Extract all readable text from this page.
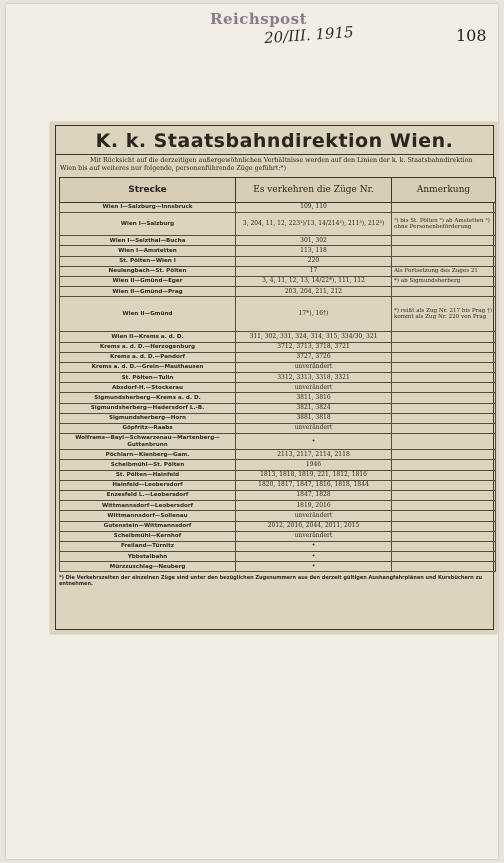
Reichspost
20/III. 1915	108
K. k. Staatsbahndirektion Wien.
Mit Rücksicht auf die derzeitigen außergewöhnlichen Verhältnisse werden auf den Linien der k. k. Staatsbahndirektion Wien bis auf weiteres nur folgende, personenführende Züge geführt:*)
Strecke	Es verkehren die Züge Nr.	Anmerkung
Wien I—Salzburg—Innsbruck	109, 110	
Wien I—Salzburg	3, 204, 11, 12, 223¹)/13, 14/214²), 211³), 212³)	¹) bis St. Pölten ²) ab Amstetten ³) ohne Personenbeförderung
Wien I—Selzthal—Bucha	301, 302	
Wien I—Amstetten	113, 118	
St. Pölten—Wien I	220	
Neulengbach—St. Pölten	17	Als Fortsetzung des Zuges 21
Wien II—Gmünd—Eger	3, 4, 11, 12, 13, 14/22*), 111, 112	*) ab Sigmundsherberg
Wien II—Gmünd—Prag	203, 204, 211, 212	
Wien II—Gmünd	17*), 16†)	*) reißt als Zug Nr. 217 bis Prag †) kommt als Zug Nr. 220 von Prag
Wien II—Krems a. d. D.	311, 302, 331, 324, 314, 315, 334/30, 321	
Krems a. d. D.—Herzogenburg	3712, 3713, 3718, 3721	
Krems a. d. D.—Pandorf	3727, 3726	
Krems a. d. D.—Grein—Mauthausen	unverändert	
St. Pölten—Tulln	3312, 3313, 3318, 3321	
Absdorf-H.—Stockerau	unverändert	
Sigmundsherberg—Krems a. d. D.	3811, 3816	
Sigmundsherberg—Hadersdorf L.-B.	3821, 3824	
Sigmundsherberg—Horn	3881, 3818	
Göpfritz—Raabs	unverändert	
Wolframs—Bayl—Schwarzenau—Martenberg—Guttenbrunn	•	
Pöchlarn—Kienberg—Gam.	2113, 2117, 2114, 2118	
Scheibmühl—St. Pölten	1946	
St. Pölten—Hainfeld	1813, 1818, 1819, 221, 1812, 1816	
Hainfeld—Leobersdorf	1820, 1817, 1847, 1816, 1818, 1844	
Enzesfeld L.—Leobersdorf	1847, 1828	
Wittmannsdorf—Leobersdorf	1819, 2016	
Wittmannsdorf—Sollenau	unverändert	
Gutenstein—Wittmannsdorf	2012, 2016, 2044, 2011, 2015	
Scheibmühl—Kernhof	unverändert	
Freiland—Türnitz	•	
Ybbstalbahn	•	
Mürzzuschlag—Neuberg	•	
*) Die Verkehrszeiten der einzelnen Züge sind unter den bezüglichen Zugsnummern aus den derzeit gültigen Aushangfahrplänen und Kursbüchern zu entnehmen.
